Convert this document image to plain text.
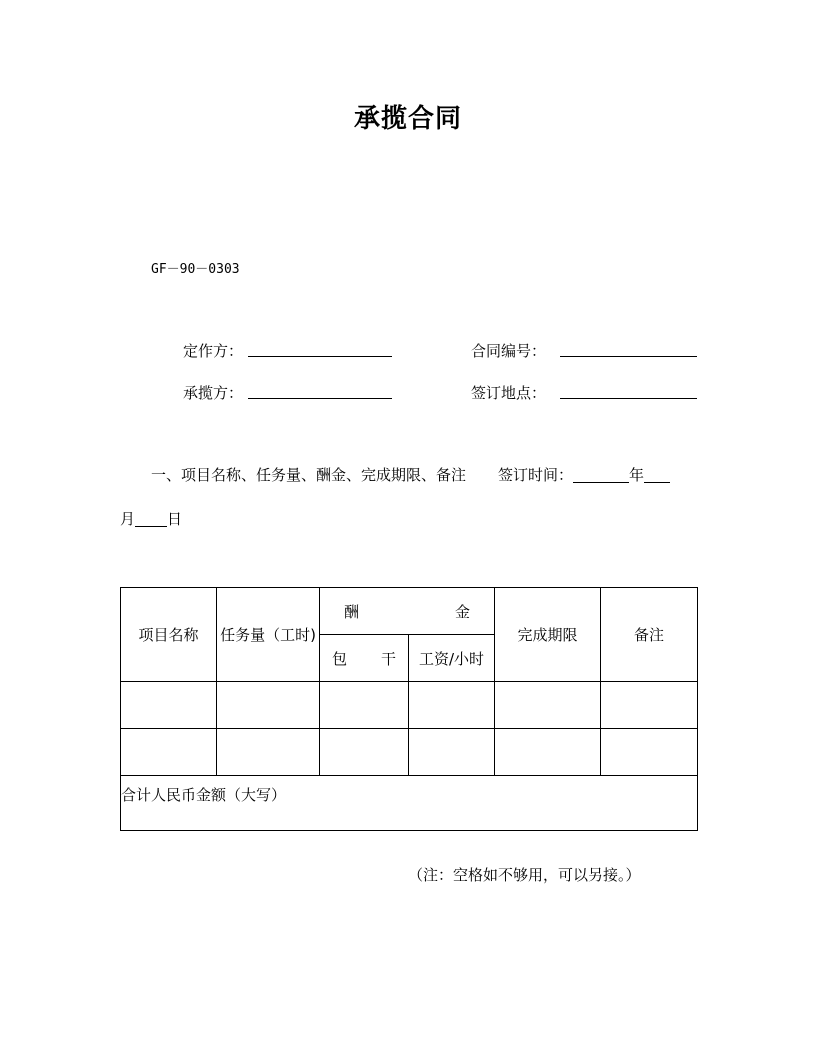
承揽合同
GF－90－0303
定作方：	合同编号：
承揽方：	签订地点：
一、项目名称、任务量、酬金、完成期限、备注 签订时间：	年
月 日
项目名称	任务量（工时)	酬 金		完成期限	备注

		包 干	工资/小时		

合计人民币金额（大写）					
（注：空格如不够用，可以另接。）
